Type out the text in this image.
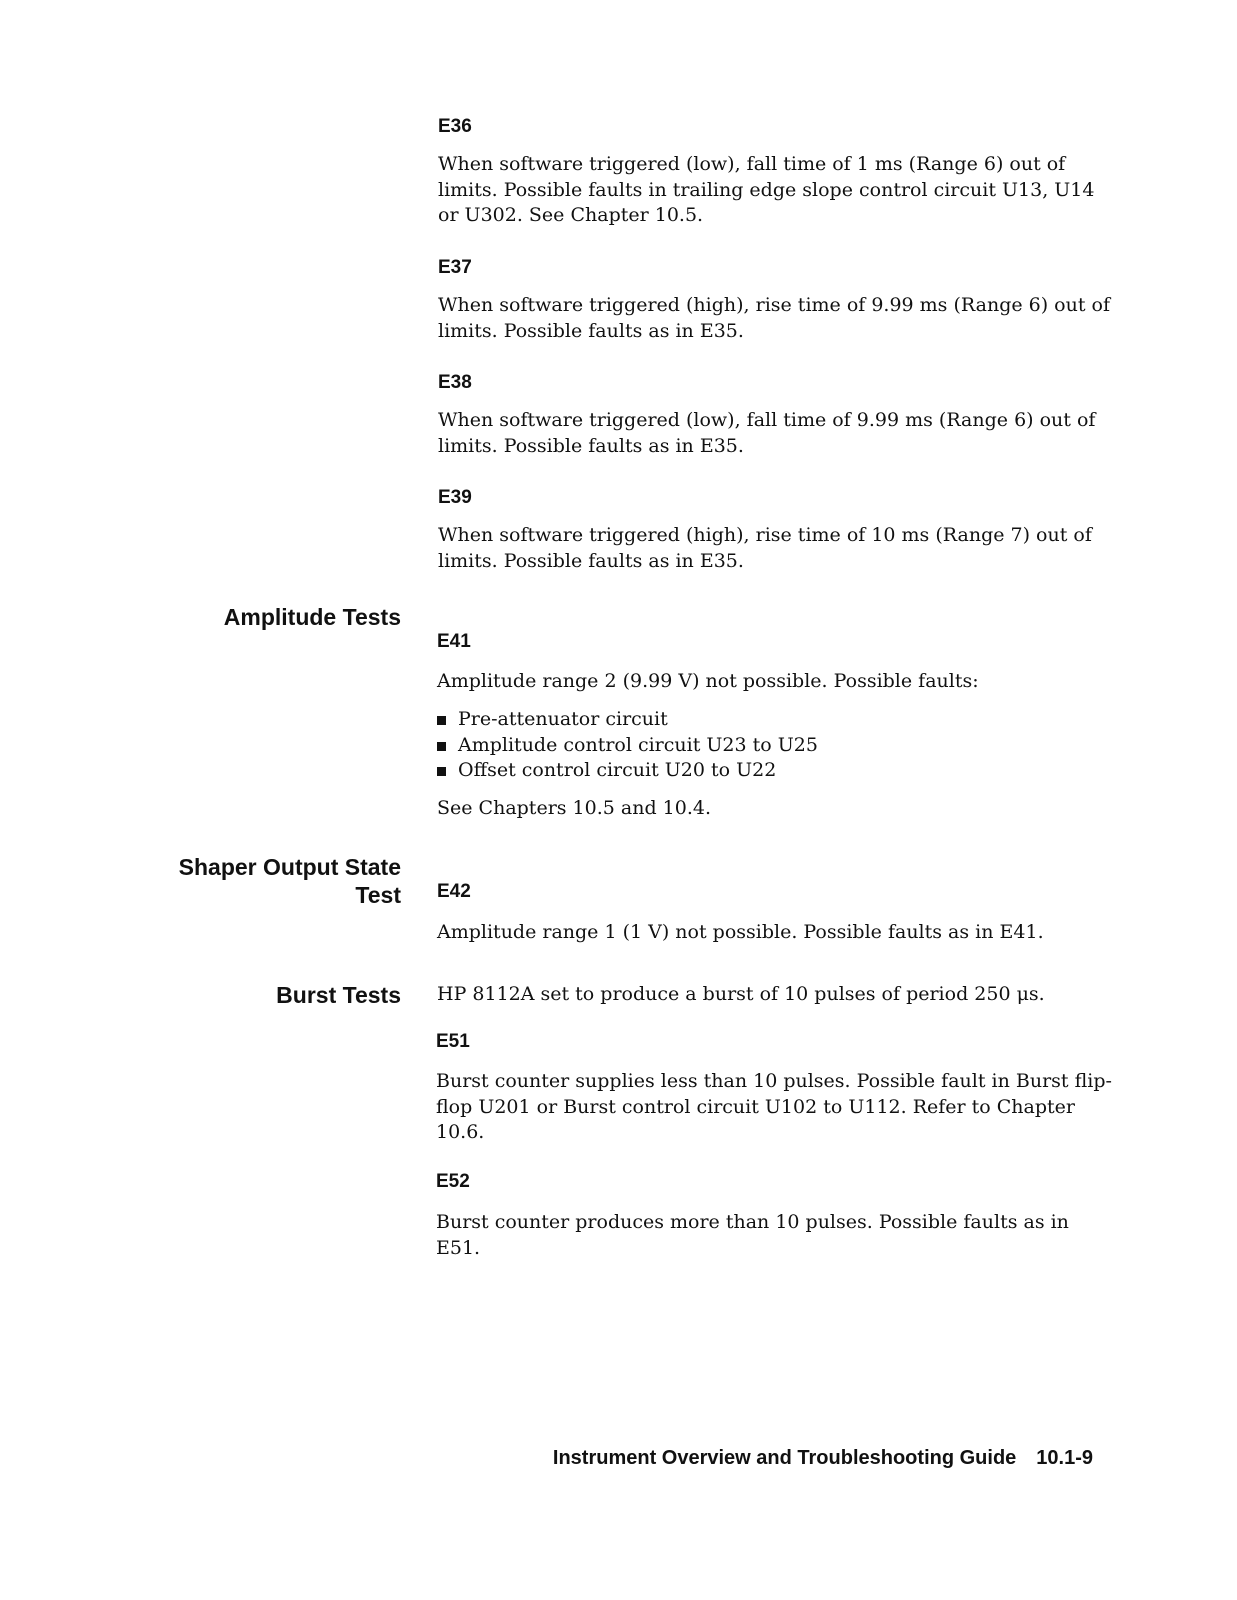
E36

When software triggered (low), fall time of 1 ms (Range 6) out of limits. Possible faults in trailing edge slope control circuit U13, U14 or U302. See Chapter 10.5.

E37

When software triggered (high), rise time of 9.99 ms (Range 6) out of limits. Possible faults as in E35.

E38

When software triggered (low), fall time of 9.99 ms (Range 6) out of limits. Possible faults as in E35.

E39

When software triggered (high), rise time of 10 ms (Range 7) out of limits. Possible faults as in E35.

Amplitude Tests

E41

Amplitude range 2 (9.99 V) not possible. Possible faults:

Pre-attenuator circuit
Amplitude control circuit U23 to U25
Offset control circuit U20 to U22

See Chapters 10.5 and 10.4.

Shaper Output State
Test E42

Amplitude range 1 (1 V) not possible. Possible faults as in E41.

Burst Tests HP 8112A set to produce a burst of 10 pulses of period 250 μs.

E51

Burst counter supplies less than 10 pulses. Possible fault in Burst flip-flop U201 or Burst control circuit U102 to U112. Refer to Chapter 10.6.

E52

Burst counter produces more than 10 pulses. Possible faults as in E51.

Instrument Overview and Troubleshooting Guide 10.1-9
